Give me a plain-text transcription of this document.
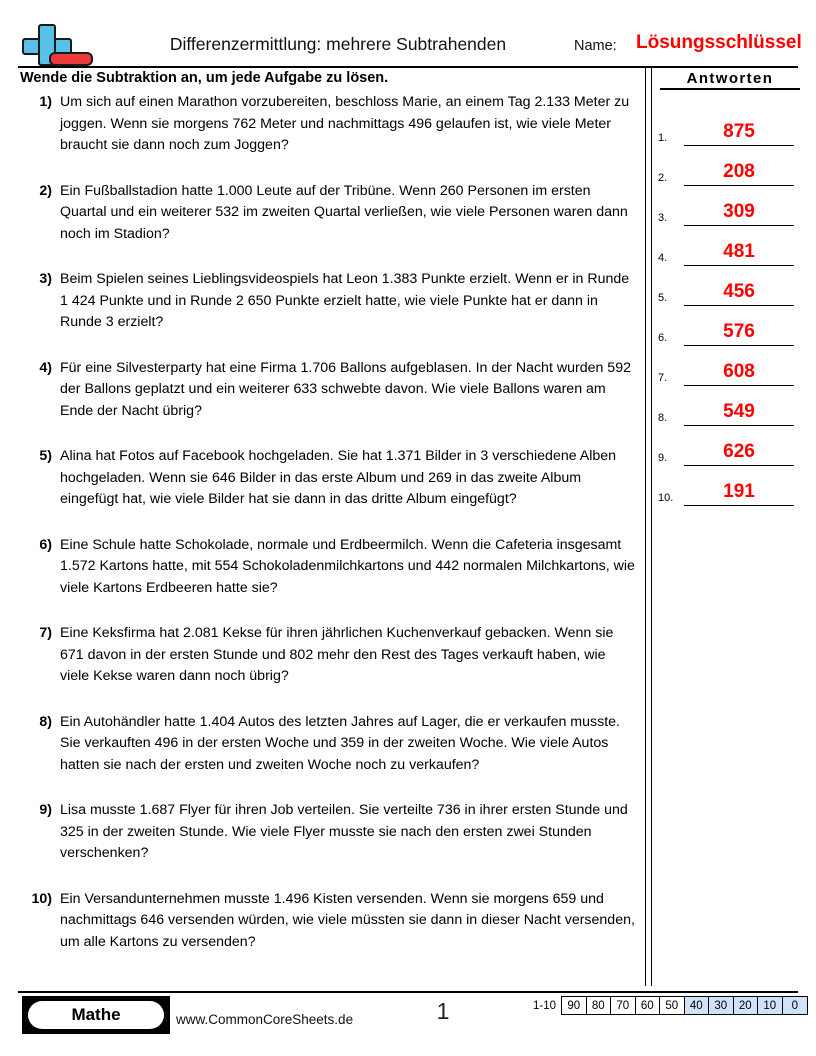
Differenzermittlung: mehrere Subtrahenden	Name: Lösungsschlüssel
Wende die Subtraktion an, um jede Aufgabe zu lösen.
1) Um sich auf einen Marathon vorzubereiten, beschloss Marie, an einem Tag 2.133 Meter zu joggen. Wenn sie morgens 762 Meter und nachmittags 496 gelaufen ist, wie viele Meter braucht sie dann noch zum Joggen?
2) Ein Fußballstadion hatte 1.000 Leute auf der Tribüne. Wenn 260 Personen im ersten Quartal und ein weiterer 532 im zweiten Quartal verließen, wie viele Personen waren dann noch im Stadion?
3) Beim Spielen seines Lieblingsvideospiels hat Leon 1.383 Punkte erzielt. Wenn er in Runde 1 424 Punkte und in Runde 2 650 Punkte erzielt hatte, wie viele Punkte hat er dann in Runde 3 erzielt?
4) Für eine Silvesterparty hat eine Firma 1.706 Ballons aufgeblasen. In der Nacht wurden 592 der Ballons geplatzt und ein weiterer 633 schwebte davon. Wie viele Ballons waren am Ende der Nacht übrig?
5) Alina hat Fotos auf Facebook hochgeladen. Sie hat 1.371 Bilder in 3 verschiedene Alben hochgeladen. Wenn sie 646 Bilder in das erste Album und 269 in das zweite Album eingefügt hat, wie viele Bilder hat sie dann in das dritte Album eingefügt?
6) Eine Schule hatte Schokolade, normale und Erdbeermilch. Wenn die Cafeteria insgesamt 1.572 Kartons hatte, mit 554 Schokoladenmilchkartons und 442 normalen Milchkartons, wie viele Kartons Erdbeeren hatte sie?
7) Eine Keksfirma hat 2.081 Kekse für ihren jährlichen Kuchenverkauf gebacken. Wenn sie 671 davon in der ersten Stunde und 802 mehr den Rest des Tages verkauft haben, wie viele Kekse waren dann noch übrig?
8) Ein Autohändler hatte 1.404 Autos des letzten Jahres auf Lager, die er verkaufen musste. Sie verkauften 496 in der ersten Woche und 359 in der zweiten Woche. Wie viele Autos hatten sie nach der ersten und zweiten Woche noch zu verkaufen?
9) Lisa musste 1.687 Flyer für ihren Job verteilen. Sie verteilte 736 in ihrer ersten Stunde und 325 in der zweiten Stunde. Wie viele Flyer musste sie nach den ersten zwei Stunden verschenken?
10) Ein Versandunternehmen musste 1.496 Kisten versenden. Wenn sie morgens 659 und nachmittags 646 versenden würden, wie viele müssten sie dann in dieser Nacht versenden, um alle Kartons zu versenden?
Antworten
1.	875
2.	208
3.	309
4.	481
5.	456
6.	576
7.	608
8.	549
9.	626
10.	191
Mathe	www.CommonCoreSheets.de	1	1-10 90	80	70	60	50	40	30	20	10	0
